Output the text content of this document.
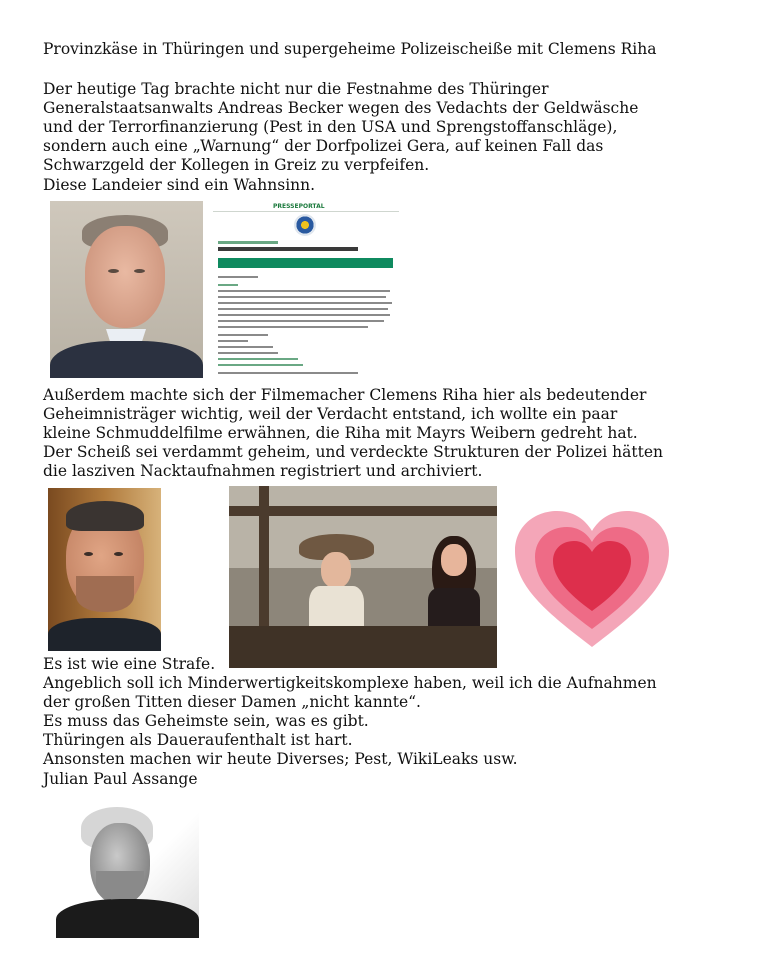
Provinzkäse in Thüringen und supergeheime Polizeischeiße mit Clemens Riha
Der heutige Tag brachte nicht nur die Festnahme des Thüringer
Generalstaatsanwalts Andreas Becker wegen des Vedachts der Geldwäsche
und der Terrorfinanzierung (Pest in den USA und Sprengstoffanschläge),
sondern auch eine „Warnung“ der Dorfpolizei Gera, auf keinen Fall das
Schwarzgeld der Kollegen in Greiz zu verpfeifen.
Diese Landeier sind ein Wahnsinn.
PRESSEPORTAL
Außerdem machte sich der Filmemacher Clemens Riha hier als bedeutender
Geheimnisträger wichtig, weil der Verdacht entstand, ich wollte ein paar
kleine Schmuddelfilme erwähnen, die Riha mit Mayrs Weibern gedreht hat.
Der Scheiß sei verdammt geheim, und verdeckte Strukturen der Polizei hätten
die lasziven Nacktaufnahmen registriert und archiviert.
Es ist wie eine Strafe.
Angeblich soll ich Minderwertigkeitskomplexe haben, weil ich die Aufnahmen
der großen Titten dieser Damen „nicht kannte“.
Es muss das Geheimste sein, was es gibt.
Thüringen als Daueraufenthalt ist hart.
Ansonsten machen wir heute Diverses; Pest, WikiLeaks usw.
Julian Paul Assange
